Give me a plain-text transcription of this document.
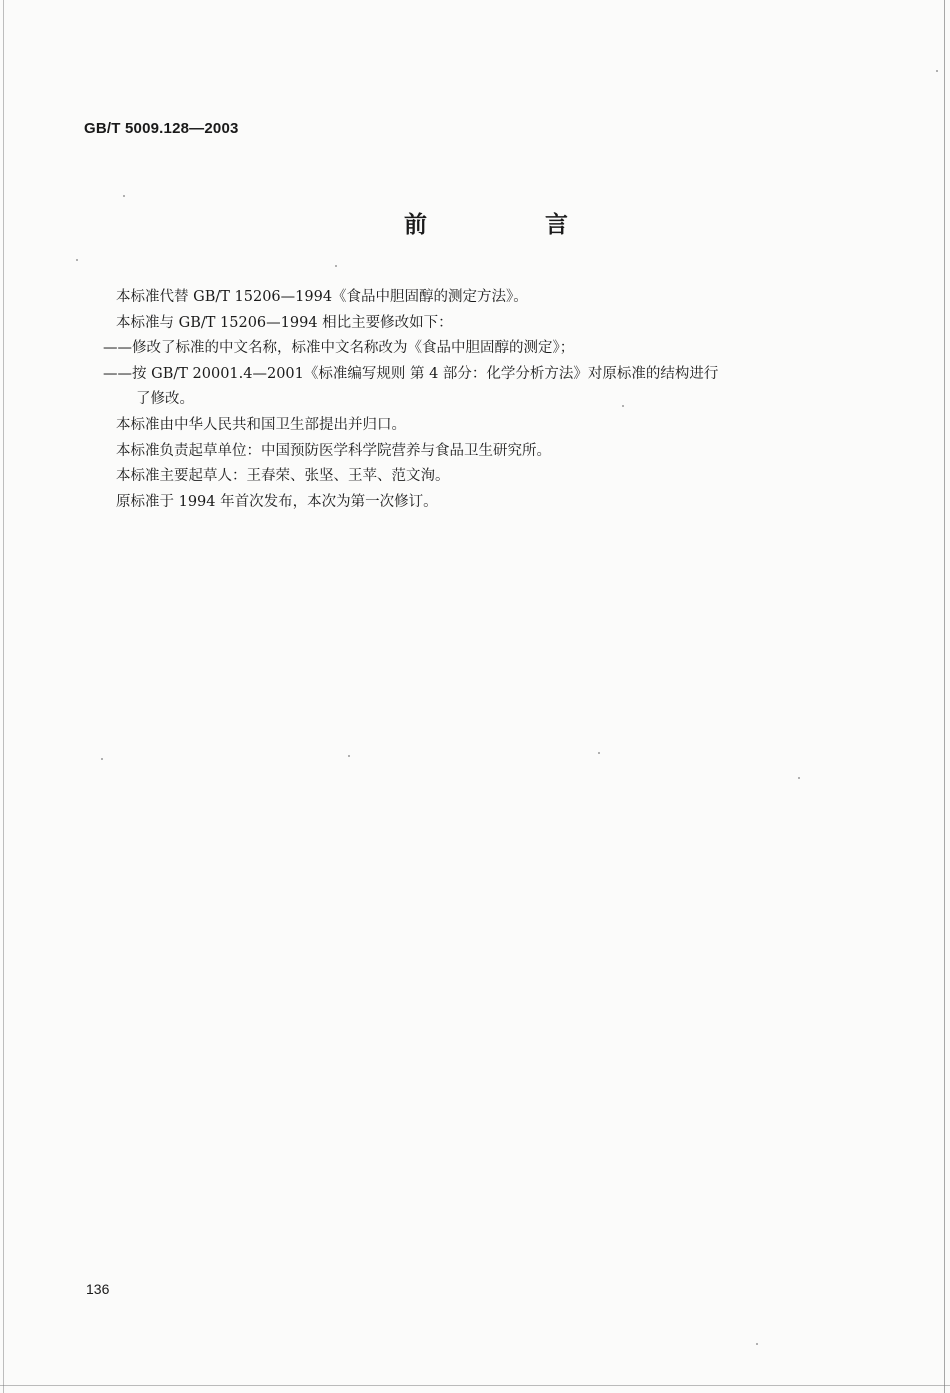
GB/T 5009.128—2003
前 言
本标准代替 GB/T 15206—1994《食品中胆固醇的测定方法》。
本标准与 GB/T 15206—1994 相比主要修改如下：
——修改了标准的中文名称，标准中文名称改为《食品中胆固醇的测定》；
——按 GB/T 20001.4—2001《标准编写规则 第 4 部分：化学分析方法》对原标准的结构进行
了修改。
本标准由中华人民共和国卫生部提出并归口。
本标准负责起草单位：中国预防医学科学院营养与食品卫生研究所。
本标准主要起草人：王春荣、张坚、王苹、范文洵。
原标准于 1994 年首次发布，本次为第一次修订。
136
